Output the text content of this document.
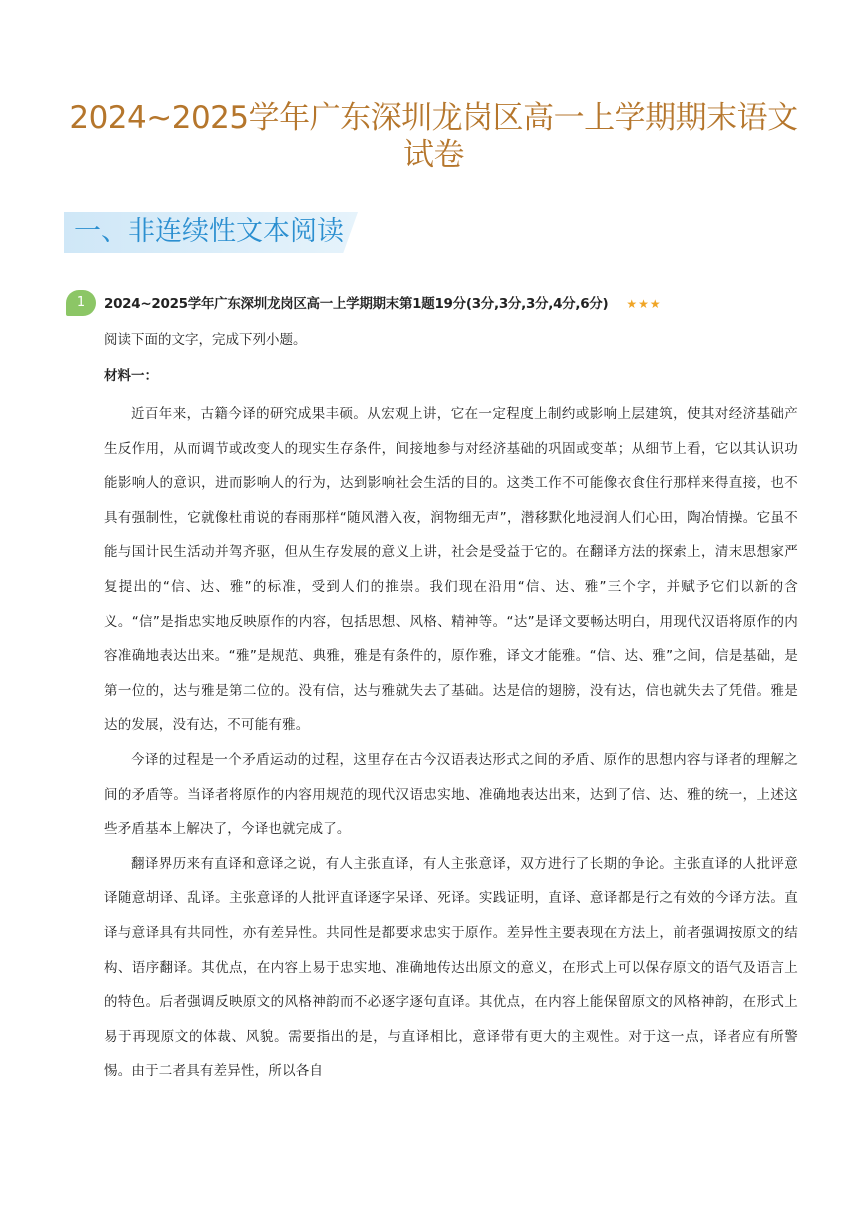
2024~2025学年广东深圳龙岗区高一上学期期末语文试卷
一、非连续性文本阅读
1	2024~2025学年广东深圳龙岗区高一上学期期末第1题19分(3分,3分,3分,4分,6分) ★★★
阅读下面的文字，完成下列小题。
材料一：

近百年来，古籍今译的研究成果丰硕。从宏观上讲，它在一定程度上制约或影响上层建筑，使其对经济基础产生反作用，从而调节或改变人的现实生存条件，间接地参与对经济基础的巩固或变革；从细节上看，它以其认识功能影响人的意识，进而影响人的行为，达到影响社会生活的目的。这类工作不可能像衣食住行那样来得直接，也不具有强制性，它就像杜甫说的春雨那样“随风潜入夜，润物细无声”，潜移默化地浸润人们心田，陶冶情操。它虽不能与国计民生活动并驾齐驱，但从生存发展的意义上讲，社会是受益于它的。在翻译方法的探索上，清末思想家严复提出的“信、达、雅”的标准，受到人们的推崇。我们现在沿用“信、达、雅”三个字，并赋予它们以新的含义。“信”是指忠实地反映原作的内容，包括思想、风格、精神等。“达”是译文要畅达明白，用现代汉语将原作的内容准确地表达出来。“雅”是规范、典雅，雅是有条件的，原作雅，译文才能雅。“信、达、雅”之间，信是基础，是第一位的，达与雅是第二位的。没有信，达与雅就失去了基础。达是信的翅膀，没有达，信也就失去了凭借。雅是达的发展，没有达，不可能有雅。

今译的过程是一个矛盾运动的过程，这里存在古今汉语表达形式之间的矛盾、原作的思想内容与译者的理解之间的矛盾等。当译者将原作的内容用规范的现代汉语忠实地、准确地表达出来，达到了信、达、雅的统一，上述这些矛盾基本上解决了，今译也就完成了。

翻译界历来有直译和意译之说，有人主张直译，有人主张意译，双方进行了长期的争论。主张直译的人批评意译随意胡译、乱译。主张意译的人批评直译逐字呆译、死译。实践证明，直译、意译都是行之有效的今译方法。直译与意译具有共同性，亦有差异性。共同性是都要求忠实于原作。差异性主要表现在方法上，前者强调按原文的结构、语序翻译。其优点，在内容上易于忠实地、准确地传达出原文的意义，在形式上可以保存原文的语气及语言上的特色。后者强调反映原文的风格神韵而不必逐字逐句直译。其优点，在内容上能保留原文的风格神韵，在形式上易于再现原文的体裁、风貌。需要指出的是，与直译相比，意译带有更大的主观性。对于这一点，译者应有所警惕。由于二者具有差异性，所以各自
